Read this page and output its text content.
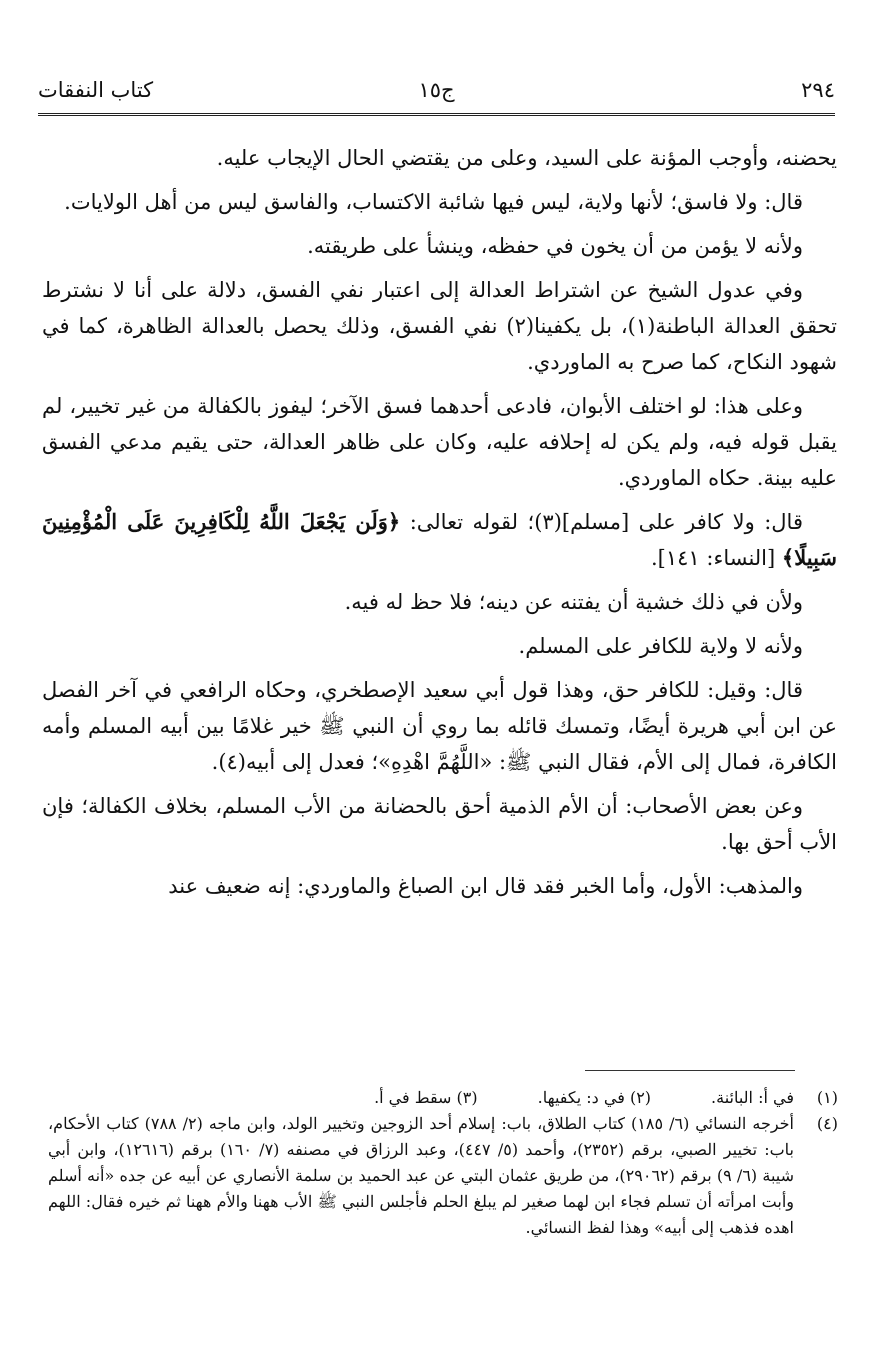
٢٩٤
ج١٥
كتاب النفقات

يحضنه، وأوجب المؤنة على السيد، وعلى من يقتضي الحال الإيجاب عليه.

قال: ولا فاسق؛ لأنها ولاية، ليس فيها شائبة الاكتساب، والفاسق ليس من أهل الولايات.

ولأنه لا يؤمن من أن يخون في حفظه، وينشأ على طريقته.

وفي عدول الشيخ عن اشتراط العدالة إلى اعتبار نفي الفسق، دلالة على أنا لا نشترط تحقق العدالة الباطنة(١)، بل يكفينا(٢) نفي الفسق، وذلك يحصل بالعدالة الظاهرة، كما في شهود النكاح، كما صرح به الماوردي.

وعلى هذا: لو اختلف الأبوان، فادعى أحدهما فسق الآخر؛ ليفوز بالكفالة من غير تخيير، لم يقبل قوله فيه، ولم يكن له إحلافه عليه، وكان على ظاهر العدالة، حتى يقيم مدعي الفسق عليه بينة. حكاه الماوردي.

قال: ولا كافر على [مسلم](٣)؛ لقوله تعالى: ﴿وَلَن يَجْعَلَ اللَّهُ لِلْكَافِرِينَ عَلَى الْمُؤْمِنِينَ سَبِيلًا﴾ [النساء: ١٤١].

ولأن في ذلك خشية أن يفتنه عن دينه؛ فلا حظ له فيه.

ولأنه لا ولاية للكافر على المسلم.

قال: وقيل: للكافر حق، وهذا قول أبي سعيد الإصطخري، وحكاه الرافعي في آخر الفصل عن ابن أبي هريرة أيضًا، وتمسك قائله بما روي أن النبي ﷺ خير غلامًا بين أبيه المسلم وأمه الكافرة، فمال إلى الأم، فقال النبي ﷺ: «اللَّهُمَّ اهْدِهِ»؛ فعدل إلى أبيه(٤).

وعن بعض الأصحاب: أن الأم الذمية أحق بالحضانة من الأب المسلم، بخلاف الكفالة؛ فإن الأب أحق بها.

والمذهب: الأول، وأما الخبر فقد قال ابن الصباغ والماوردي: إنه ضعيف عند

(١)
في أ: البائنة.
(٢) في د: يكفيها.
(٣) سقط في أ.
(٤)
أخرجه النسائي (٦/ ١٨٥) كتاب الطلاق، باب: إسلام أحد الزوجين وتخيير الولد، وابن ماجه (٢/ ٧٨٨) كتاب الأحكام، باب: تخيير الصبي، برقم (٢٣٥٢)، وأحمد (٥/ ٤٤٧)، وعبد الرزاق في مصنفه (٧/ ١٦٠) برقم (١٢٦١٦)، وابن أبي شيبة (٦/ ٩) برقم (٢٩٠٦٢)، من طريق عثمان البتي عن عبد الحميد بن سلمة الأنصاري عن أبيه عن جده «أنه أسلم وأبت امرأته أن تسلم فجاء ابن لهما صغير لم يبلغ الحلم فأجلس النبي ﷺ الأب ههنا والأم ههنا ثم خيره فقال: اللهم اهده فذهب إلى أبيه» وهذا لفظ النسائي.
